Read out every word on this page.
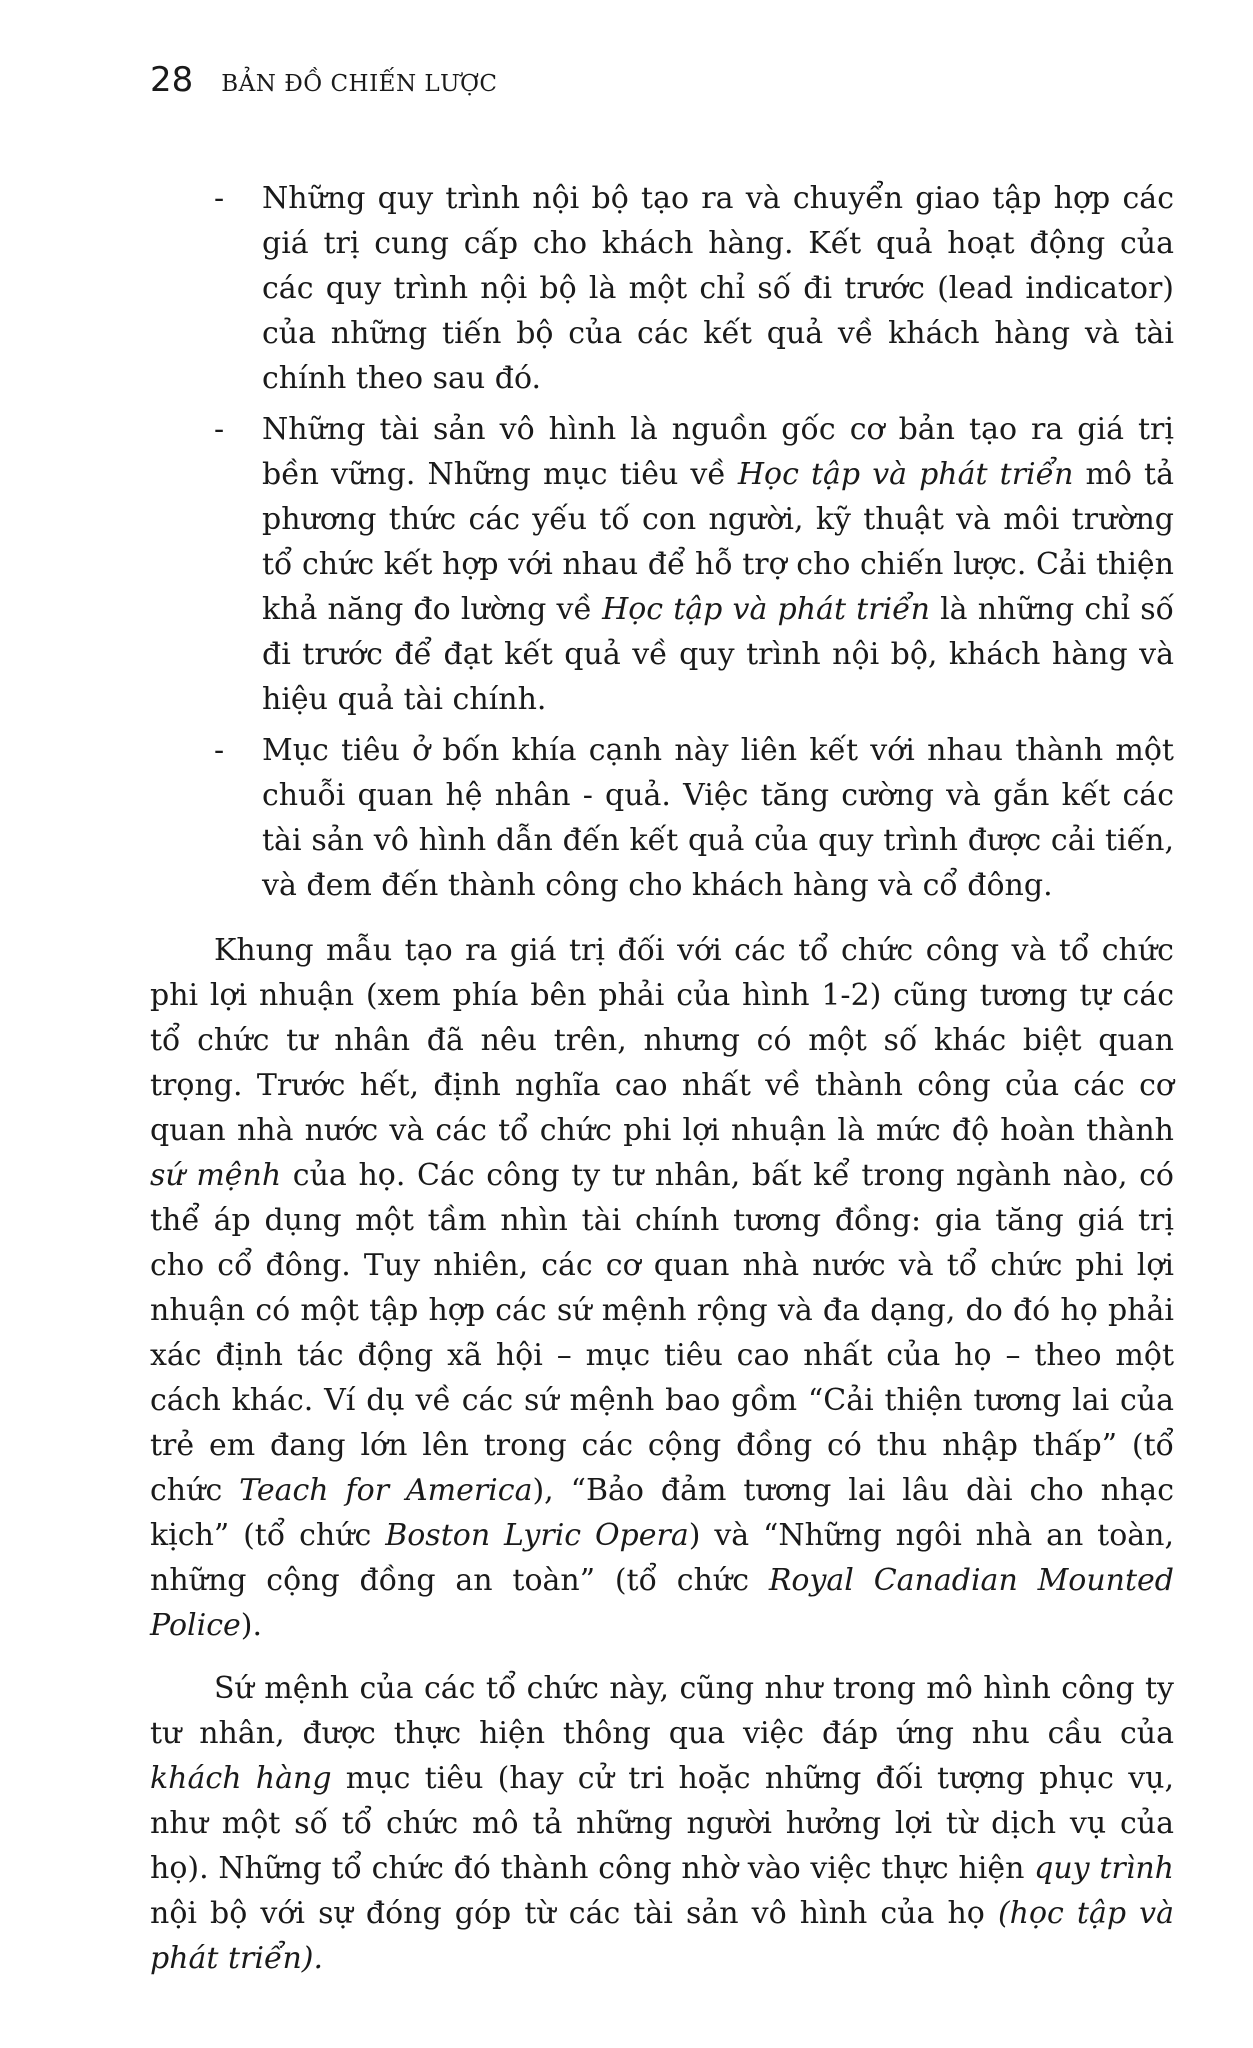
28 BẢN ĐỒ CHIẾN LƯỢC
- Những quy trình nội bộ tạo ra và chuyển giao tập hợp các giá trị cung cấp cho khách hàng. Kết quả hoạt động của các quy trình nội bộ là một chỉ số đi trước (lead indicator) của những tiến bộ của các kết quả về khách hàng và tài chính theo sau đó.
- Những tài sản vô hình là nguồn gốc cơ bản tạo ra giá trị bền vững. Những mục tiêu về Học tập và phát triển mô tả phương thức các yếu tố con người, kỹ thuật và môi trường tổ chức kết hợp với nhau để hỗ trợ cho chiến lược. Cải thiện khả năng đo lường về Học tập và phát triển là những chỉ số đi trước để đạt kết quả về quy trình nội bộ, khách hàng và hiệu quả tài chính.
- Mục tiêu ở bốn khía cạnh này liên kết với nhau thành một chuỗi quan hệ nhân - quả. Việc tăng cường và gắn kết các tài sản vô hình dẫn đến kết quả của quy trình được cải tiến, và đem đến thành công cho khách hàng và cổ đông.

Khung mẫu tạo ra giá trị đối với các tổ chức công và tổ chức phi lợi nhuận (xem phía bên phải của hình 1-2) cũng tương tự các tổ chức tư nhân đã nêu trên, nhưng có một số khác biệt quan trọng. Trước hết, định nghĩa cao nhất về thành công của các cơ quan nhà nước và các tổ chức phi lợi nhuận là mức độ hoàn thành sứ mệnh của họ. Các công ty tư nhân, bất kể trong ngành nào, có thể áp dụng một tầm nhìn tài chính tương đồng: gia tăng giá trị cho cổ đông. Tuy nhiên, các cơ quan nhà nước và tổ chức phi lợi nhuận có một tập hợp các sứ mệnh rộng và đa dạng, do đó họ phải xác định tác động xã hội – mục tiêu cao nhất của họ – theo một cách khác. Ví dụ về các sứ mệnh bao gồm “Cải thiện tương lai của trẻ em đang lớn lên trong các cộng đồng có thu nhập thấp” (tổ chức Teach for America), “Bảo đảm tương lai lâu dài cho nhạc kịch” (tổ chức Boston Lyric Opera) và “Những ngôi nhà an toàn, những cộng đồng an toàn” (tổ chức Royal Canadian Mounted Police).

Sứ mệnh của các tổ chức này, cũng như trong mô hình công ty tư nhân, được thực hiện thông qua việc đáp ứng nhu cầu của khách hàng mục tiêu (hay cử tri hoặc những đối tượng phục vụ, như một số tổ chức mô tả những người hưởng lợi từ dịch vụ của họ). Những tổ chức đó thành công nhờ vào việc thực hiện quy trình nội bộ với sự đóng góp từ các tài sản vô hình của họ (học tập và phát triển).
